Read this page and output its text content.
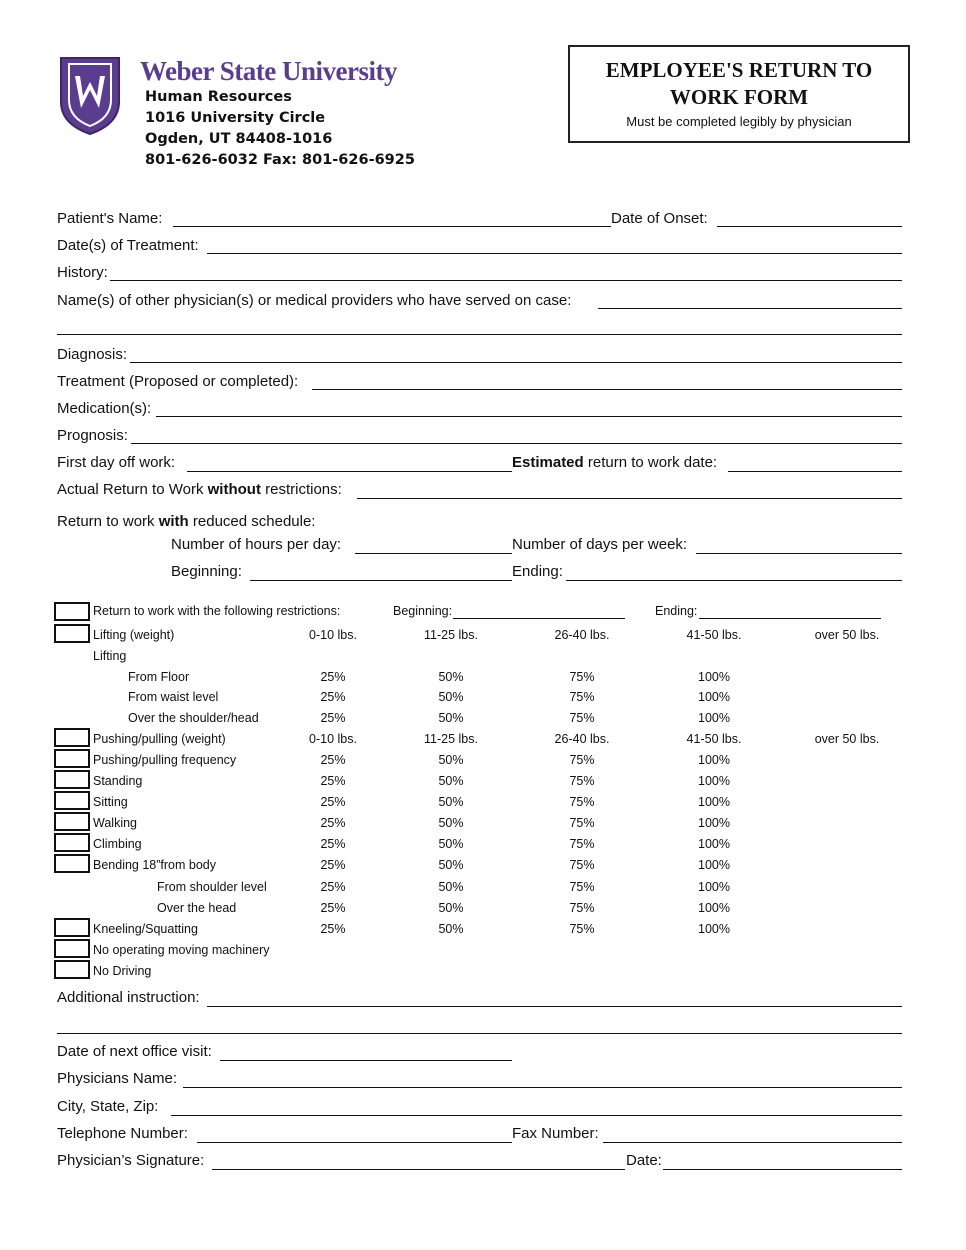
Weber State University
Human Resources
1016 University Circle
Ogden, UT 84408-1016
801-626-6032 Fax: 801-626-6925
EMPLOYEE'S RETURN TO
WORK FORM
Must be completed legibly by physician
Patient's Name:	Date of Onset:
Date(s) of Treatment:
History:
Name(s) of other physician(s) or medical providers who have served on case:
Diagnosis:
Treatment (Proposed or completed):
Medication(s):
Prognosis:
First day off work:	Estimated return to work date:
Actual Return to Work without restrictions:
Return to work with reduced schedule:
Number of hours per day:	Number of days per week:
Beginning:	Ending:
Return to work with the following restrictions:	Beginning:	Ending:
Lifting (weight)	0-10 lbs.	11-25 lbs.	26-40 lbs.	41-50 lbs.	over 50 lbs.
Lifting
From Floor	25%	50%	75%	100%
From waist level	25%	50%	75%	100%
Over the shoulder/head	25%	50%	75%	100%
Pushing/pulling (weight)	0-10 lbs.	11-25 lbs.	26-40 lbs.	41-50 lbs.	over 50 lbs.
Pushing/pulling frequency	25%	50%	75%	100%
Standing	25%	50%	75%	100%
Sitting	25%	50%	75%	100%
Walking	25%	50%	75%	100%
Climbing	25%	50%	75%	100%
Bending 18”from body	25%	50%	75%	100%
From shoulder level	25%	50%	75%	100%
Over the head	25%	50%	75%	100%
Kneeling/Squatting	25%	50%	75%	100%
No operating moving machinery
No Driving
Additional instruction:
Date of next office visit:
Physicians Name:
City, State, Zip:
Telephone Number:	Fax Number:
Physician’s Signature:	Date:
